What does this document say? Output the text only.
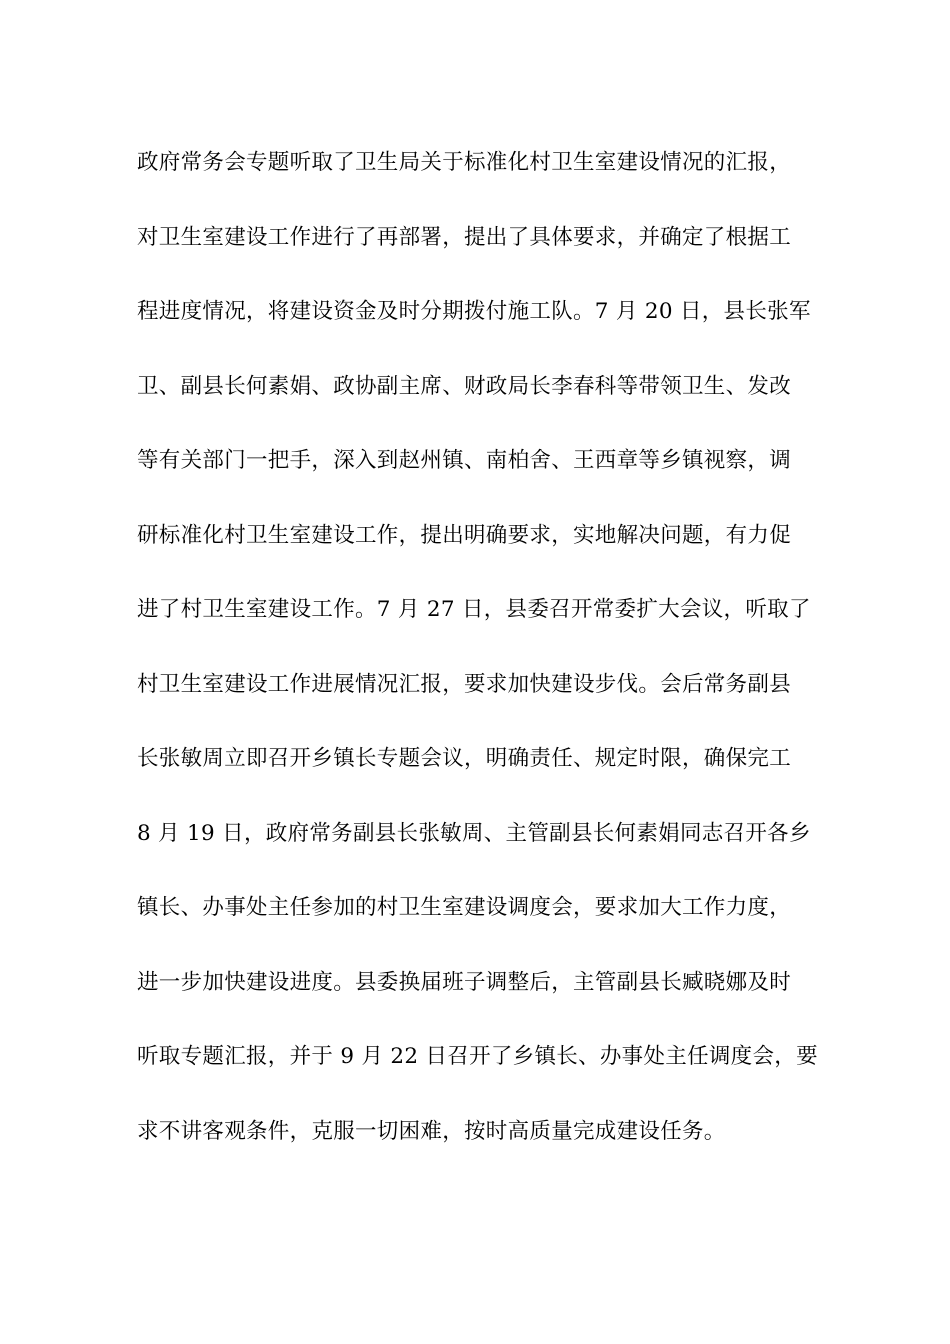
政府常务会专题听取了卫生局关于标准化村卫生室建设情况的汇报，
对卫生室建设工作进行了再部署，提出了具体要求，并确定了根据工
程进度情况，将建设资金及时分期拨付施工队。7 月 20 日，县长张军
卫、副县长何素娟、政协副主席、财政局长李春科等带领卫生、发改
等有关部门一把手，深入到赵州镇、南柏舍、王西章等乡镇视察，调
研标准化村卫生室建设工作，提出明确要求，实地解决问题，有力促
进了村卫生室建设工作。7 月 27 日，县委召开常委扩大会议，听取了
村卫生室建设工作进展情况汇报，要求加快建设步伐。会后常务副县
长张敏周立即召开乡镇长专题会议，明确责任、规定时限，确保完工
8 月 19 日，政府常务副县长张敏周、主管副县长何素娟同志召开各乡
镇长、办事处主任参加的村卫生室建设调度会，要求加大工作力度，
进一步加快建设进度。县委换届班子调整后，主管副县长臧晓娜及时
听取专题汇报，并于 9 月 22 日召开了乡镇长、办事处主任调度会，要
求不讲客观条件，克服一切困难，按时高质量完成建设任务。
